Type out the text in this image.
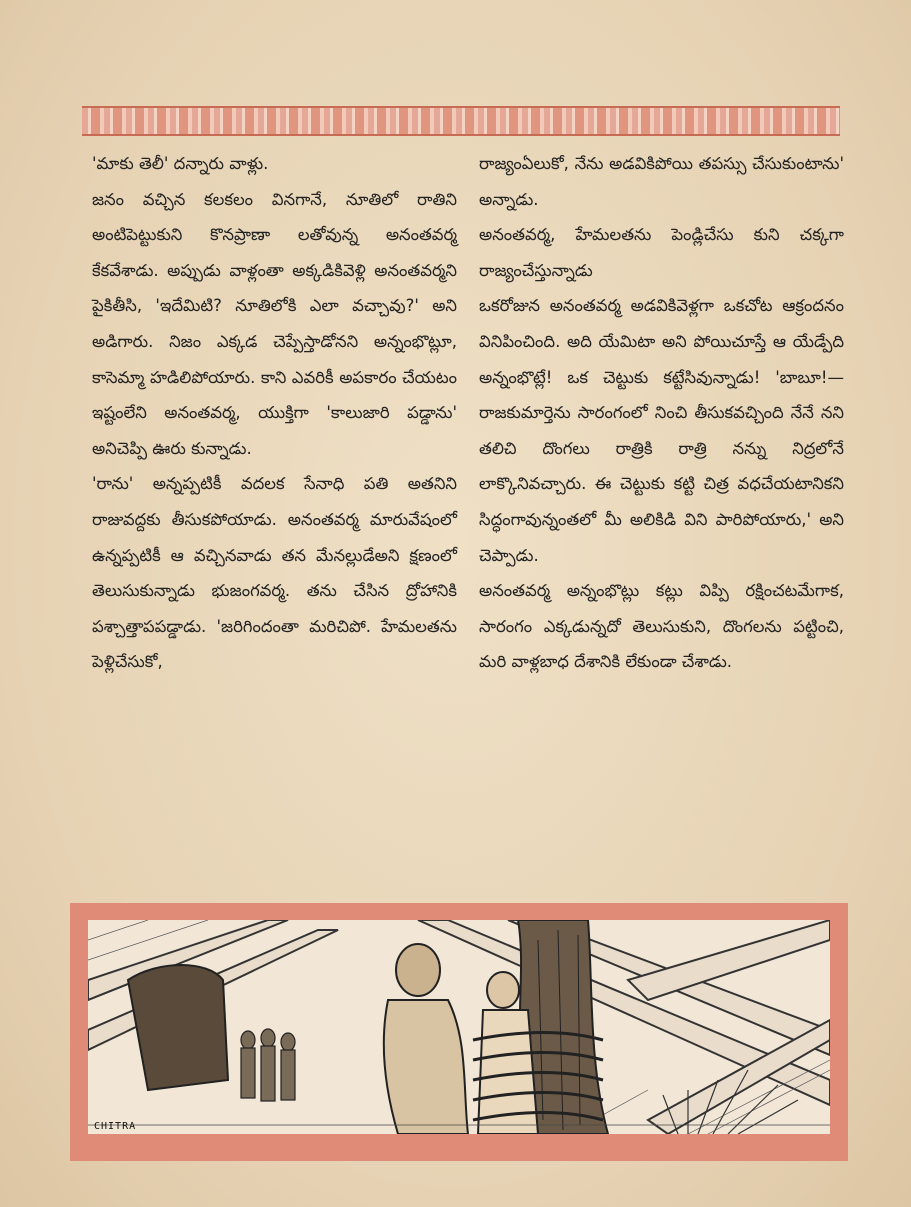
'మాకు తెలీ' దన్నారు వాళ్లు.

జనం వచ్చిన కలకలం వినగానే, నూతిలో రాతిని అంటిపెట్టుకుని కొనప్రాణా లతోవున్న అనంతవర్మ కేకవేశాడు. అప్పుడు వాళ్లంతా అక్కడికివెళ్లి అనంతవర్మని పైకితీసి, 'ఇదేమిటి? నూతిలోకి ఎలా వచ్చావు?' అని అడిగారు. నిజం ఎక్కడ చెప్పేస్తాడోనని అన్నంభొట్లూ, కాసెమ్మా హడిలిపోయారు. కాని ఎవరికీ అపకారం చేయటం ఇష్టంలేని అనంతవర్మ, యుక్తిగా 'కాలుజారి పడ్డాను' అనిచెప్పి ఊరు కున్నాడు.

'రాను' అన్నప్పటికీ వదలక సేనాధి పతి అతనిని రాజువద్దకు తీసుకపోయాడు. అనంతవర్మ మారువేషంలో ఉన్నప్పటికీ ఆ వచ్చినవాడు తన మేనల్లుడేఅని క్షణంలో తెలుసుకున్నాడు భుజంగవర్మ. తను చేసిన ద్రోహానికి పశ్చాత్తాపపడ్డాడు. 'జరిగిందంతా మరిచిపో. హేమలతను పెళ్లిచేసుకో,

రాజ్యంఏలుకో, నేను అడవికిపోయి తపస్సు చేసుకుంటాను' అన్నాడు.

అనంతవర్మ, హేమలతను పెండ్లిచేసు కుని చక్కగా రాజ్యంచేస్తున్నాడు

ఒకరోజున అనంతవర్మ అడవికివెళ్లగా ఒకచోట ఆక్రందనం వినిపించింది. అది యేమిటా అని పోయిచూస్తే ఆ యేడ్పేది అన్నంభొట్లే! ఒక చెట్టుకు కట్టేసివున్నాడు! 'బాబూ!—రాజకుమార్తెను సారంగంలో నించి తీసుకవచ్చింది నేనే నని తలిచి దొంగలు రాత్రికి రాత్రి నన్ను నిద్రలోనే లాక్కొనివచ్చారు. ఈ చెట్టుకు కట్టి చిత్ర వధచేయటానికని సిద్ధంగావున్నంతలో మీ అలికిడి విని పారిపోయారు,' అని చెప్పాడు.

అనంతవర్మ అన్నంభొట్లు కట్లు విప్పి రక్షించటమేగాక, సారంగం ఎక్కడున్నదో తెలుసుకుని, దొంగలను పట్టించి, మరి వాళ్లబాధ దేశానికి లేకుండా చేశాడు.

CHITRA
